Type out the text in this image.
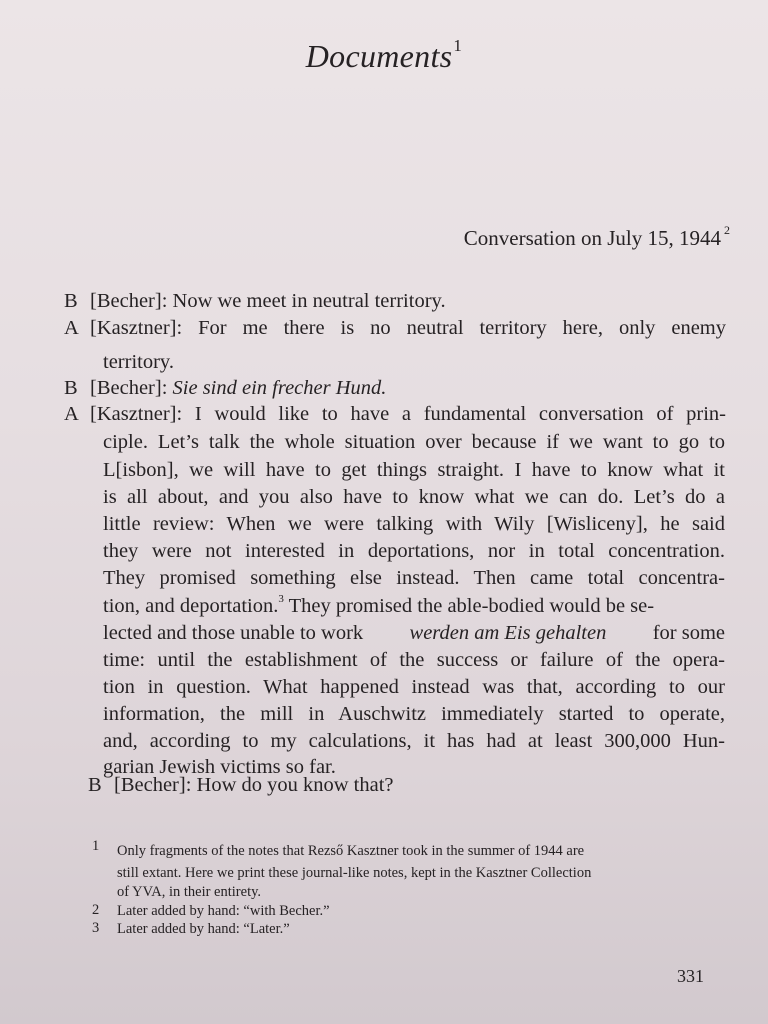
Documents$^1$
Conversation on July 15, 1944 $^2$
B [Becher]: Now we meet in neutral territory.
A [Kasztner]: For me there is no neutral territory here, only enemy
territory.
B [Becher]: Sie sind ein frecher Hund.
A [Kasztner]: I would like to have a fundamental conversation of prin-
ciple. Let’s talk the whole situation over because if we want to go to
L[isbon], we will have to get things straight. I have to know what it
is all about, and you also have to know what we can do. Let’s do a
little review: When we were talking with Wily [Wisliceny], he said
they were not interested in deportations, nor in total concentration.
They promised something else instead. Then came total concentra-
tion, and deportation.$^3$ They promised the able-bodied would be se-
lected and those unable to work werden am Eis gehalten for some
time: until the establishment of the success or failure of the opera-
tion in question. What happened instead was that, according to our
information, the mill in Auschwitz immediately started to operate,
and, according to my calculations, it has had at least 300,000 Hun-
garian Jewish victims so far.
B [Becher]: How do you know that?
1 Only fragments of the notes that Rezső Kasztner took in the summer of 1944 are
still extant. Here we print these journal-like notes, kept in the Kasztner Collection
of YVA, in their entirety.
2 Later added by hand: “with Becher.”
3 Later added by hand: “Later.”
331
